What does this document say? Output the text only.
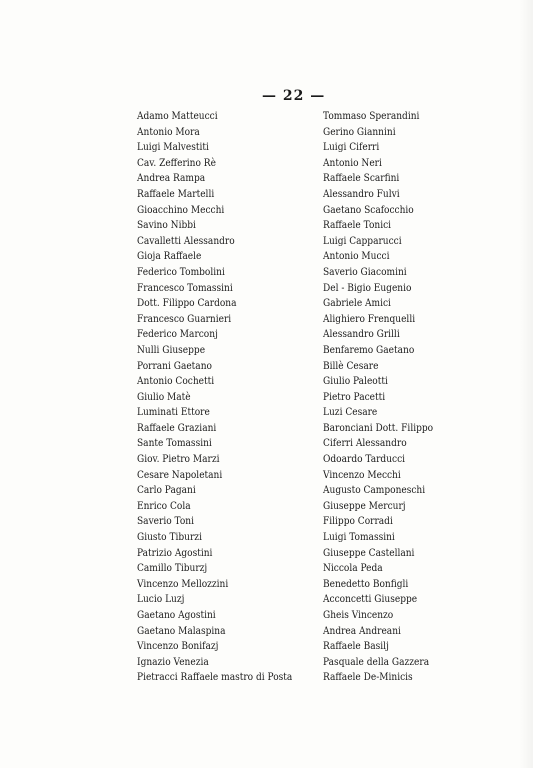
— 22 —
Adamo Matteucci
Antonio Mora
Luigi Malvestiti
Cav. Zefferino Rè
Andrea Rampa
Raffaele Martelli
Gioacchino Mecchi
Savino Nibbi
Cavalletti Alessandro
Gioja Raffaele
Federico Tombolini
Francesco Tomassini
Dott. Filippo Cardona
Francesco Guarnieri
Federico Marconj
Nulli Giuseppe
Porrani Gaetano
Antonio Cochetti
Giulio Matè
Luminati Ettore
Raffaele Graziani
Sante Tomassini
Giov. Pietro Marzi
Cesare Napoletani
Carlo Pagani
Enrico Cola
Saverio Toni
Giusto Tiburzi
Patrizio Agostini
Camillo Tiburzj
Vincenzo Mellozzini
Lucio Luzj
Gaetano Agostini
Gaetano Malaspina
Vincenzo Bonifazj
Ignazio Venezia
Pietracci Raffaele mastro di Posta
Tommaso Sperandini
Gerino Giannini
Luigi Ciferri
Antonio Neri
Raffaele Scarfini
Alessandro Fulvi
Gaetano Scafocchio
Raffaele Tonici
Luigi Capparucci
Antonio Mucci
Saverio Giacomini
Del - Bigio Eugenio
Gabriele Amici
Alighiero Frenquelli
Alessandro Grilli
Benfaremo Gaetano
Billè Cesare
Giulio Paleotti
Pietro Pacetti
Luzi Cesare
Baronciani Dott. Filippo
Ciferri Alessandro
Odoardo Tarducci
Vincenzo Mecchi
Augusto Camponeschi
Giuseppe Mercurj
Filippo Corradi
Luigi Tomassini
Giuseppe Castellani
Niccola Peda
Benedetto Bonfigli
Acconcetti Giuseppe
Gheis Vincenzo
Andrea Andreani
Raffaele Basilj
Pasquale della Gazzera
Raffaele De-Minicis
